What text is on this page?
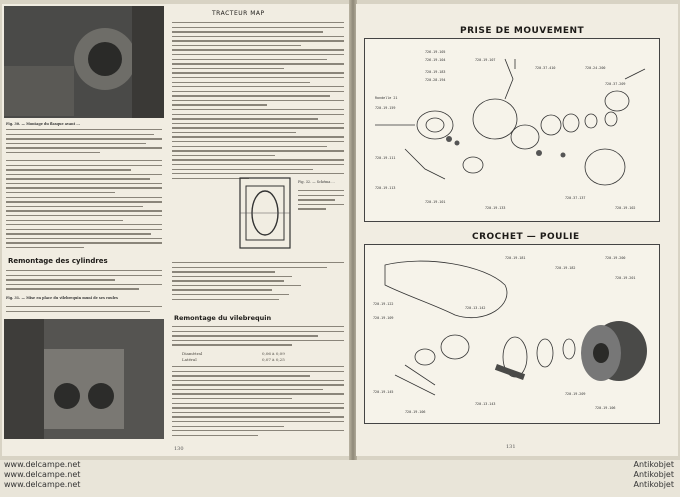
Fig. 30. — Montage du flasque avant ...
Remontage des cylindres
Fig. 31. — Mise en place du vilebrequin muni de ses roules
TRACTEUR MAP
Fig. 32. — Schéma ...
Remontage du vilebrequin
Diamètral	0,06 à 0,09
Latéral	0,07 à 0,25
130
PRISE DE MOUVEMENT
726.19.105
726.19.104
720.19.183
720.28.194
720.19.107
720.37.410	720.24.200
720.37.209
Rondelle 21
720.19.159
720.19.111
720.19.113
720.19.101
720.19.133
720.37.137
720.19.102
CROCHET — POULIE
720.19.181
720.19.182
720.19.200
720.19.201
720.19.122
720.19.109
720.13.142
720.19.145
720.19.106
720.13.143
720.19.209
720.19.106
131
www.delcampe.net
www.delcampe.net
www.delcampe.net
Antikobjet
Antikobjet
Antikobjet
